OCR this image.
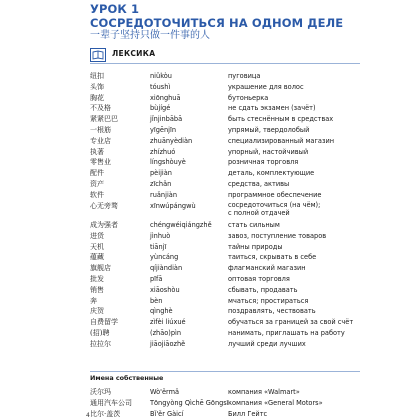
УРОК 1

СОСРЕДОТОЧИТЬСЯ НА ОДНОМ ДЕЛЕ

一辈子坚持只做一件事的人

ЛЕКСИКА
纽扣	niǔkòu	пуговица
头饰	tóushì	украшение для волос
胸花	xiōnghuā	бутоньерка
不及格	bùjígé	не сдать экзамен (зачёт)
紧紧巴巴	jǐnjinbābā	быть стеснённым в средствах
一根筋	yīgēnjīn	упрямый, твердолобый
专业店	zhuānyèdiàn	специализированный магазин
执著	zhízhuó	упорный, настойчивый
零售业	língshòuyè	розничная торговля
配件	pèijiàn	деталь, комплектующие
资产	zīchǎn	средства, активы
软件	ruǎnjiàn	программное обеспечение
心无旁骛	xīnwúpángwù	сосредоточиться (на чём);
с полной отдачей
成为强者	chéngwéiqiángzhě стать сильным
进货	jìnhuò	завоз, поступление товаров
天机	tiānjī	тайны природы
蕴藏	yùncáng	таиться, скрывать в себе
旗舰店	qíjiàndiàn	флагманский магазин
批发	pīfā	оптовая торговля
销售	xiāoshòu	сбывать, продавать
奔	bèn	мчаться; простираться
庆贺	qìnghè	поздравлять, чествовать
自费留学	zìfèi liúxué	обучаться за границей за свой счёт
(招)聘	(zhāo)pìn	нанимать, приглашать на работу
拉拉尔	jiāojiāozhě	лучший среди лучших
Имена собственные
沃尔玛	Wò'ěrmǎ	компания «Walmart»
通用汽车公司	Tōngyòng Qìchē Gōngsī компания «General Motors»
比尔·盖茨	Bǐ'ěr Gàicí	Билл Гейтс
4
